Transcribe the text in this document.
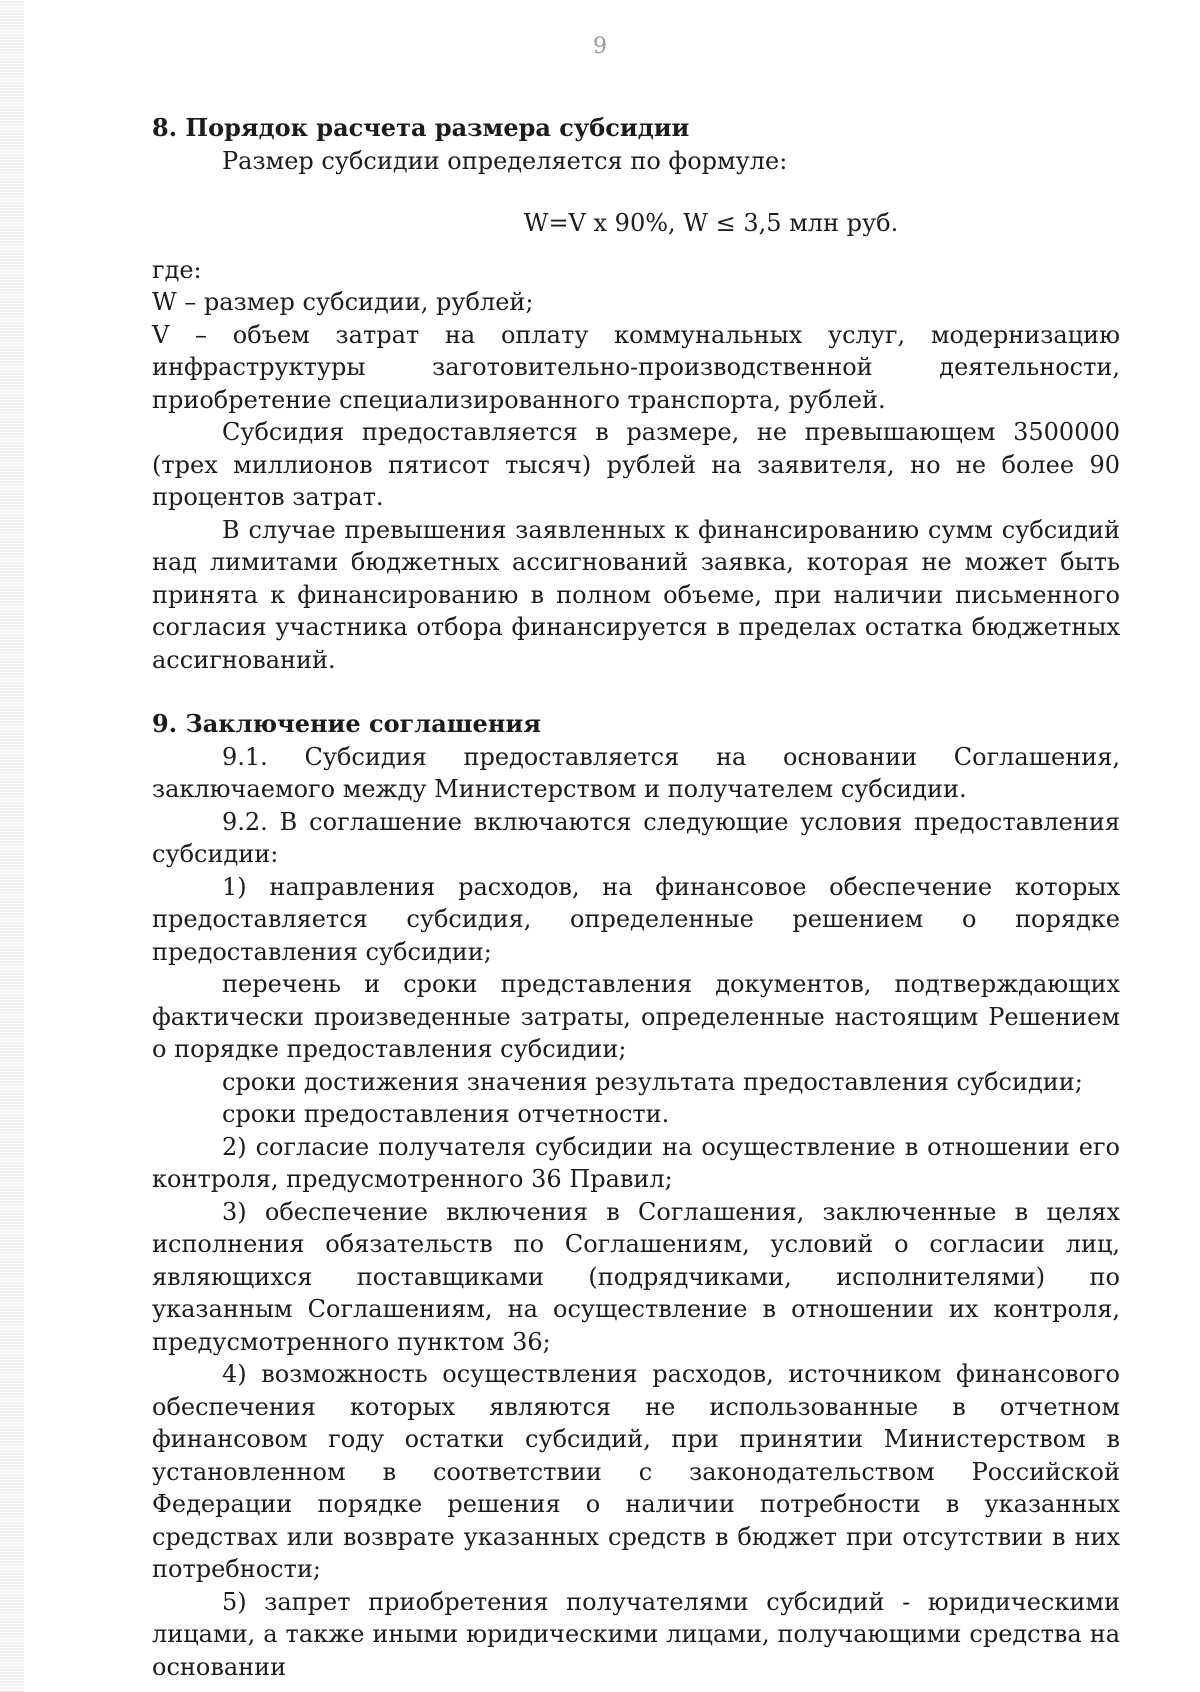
9

8. Порядок расчета размера субсидии

Размер субсидии определяется по формуле:

W=V x 90%, W ≤ 3,5 млн руб.

где:

W – размер субсидии, рублей;

V – объем затрат на оплату коммунальных услуг, модернизацию инфраструктуры заготовительно-производственной деятельности, приобретение специализированного транспорта, рублей.

Субсидия предоставляется в размере, не превышающем 3500000 (трех миллионов пятисот тысяч) рублей на заявителя, но не более 90 процентов затрат.

В случае превышения заявленных к финансированию сумм субсидий над лимитами бюджетных ассигнований заявка, которая не может быть принята к финансированию в полном объеме, при наличии письменного согласия участника отбора финансируется в пределах остатка бюджетных ассигнований.

9. Заключение соглашения

9.1. Субсидия предоставляется на основании Соглашения, заключаемого между Министерством и получателем субсидии.

9.2. В соглашение включаются следующие условия предоставления субсидии:

1) направления расходов, на финансовое обеспечение которых предоставляется субсидия, определенные решением о порядке предоставления субсидии;

перечень и сроки представления документов, подтверждающих фактически произведенные затраты, определенные настоящим Решением о порядке предоставления субсидии;

сроки достижения значения результата предоставления субсидии;

сроки предоставления отчетности.

2) согласие получателя субсидии на осуществление в отношении его контроля, предусмотренного 36 Правил;

3) обеспечение включения в Соглашения, заключенные в целях исполнения обязательств по Соглашениям, условий о согласии лиц, являющихся поставщиками (подрядчиками, исполнителями) по указанным Соглашениям, на осуществление в отношении их контроля, предусмотренного пунктом 36;

4) возможность осуществления расходов, источником финансового обеспечения которых являются не использованные в отчетном финансовом году остатки субсидий, при принятии Министерством в установленном в соответствии с законодательством Российской Федерации порядке решения о наличии потребности в указанных средствах или возврате указанных средств в бюджет при отсутствии в них потребности;

5) запрет приобретения получателями субсидий - юридическими лицами, а также иными юридическими лицами, получающими средства на основании
